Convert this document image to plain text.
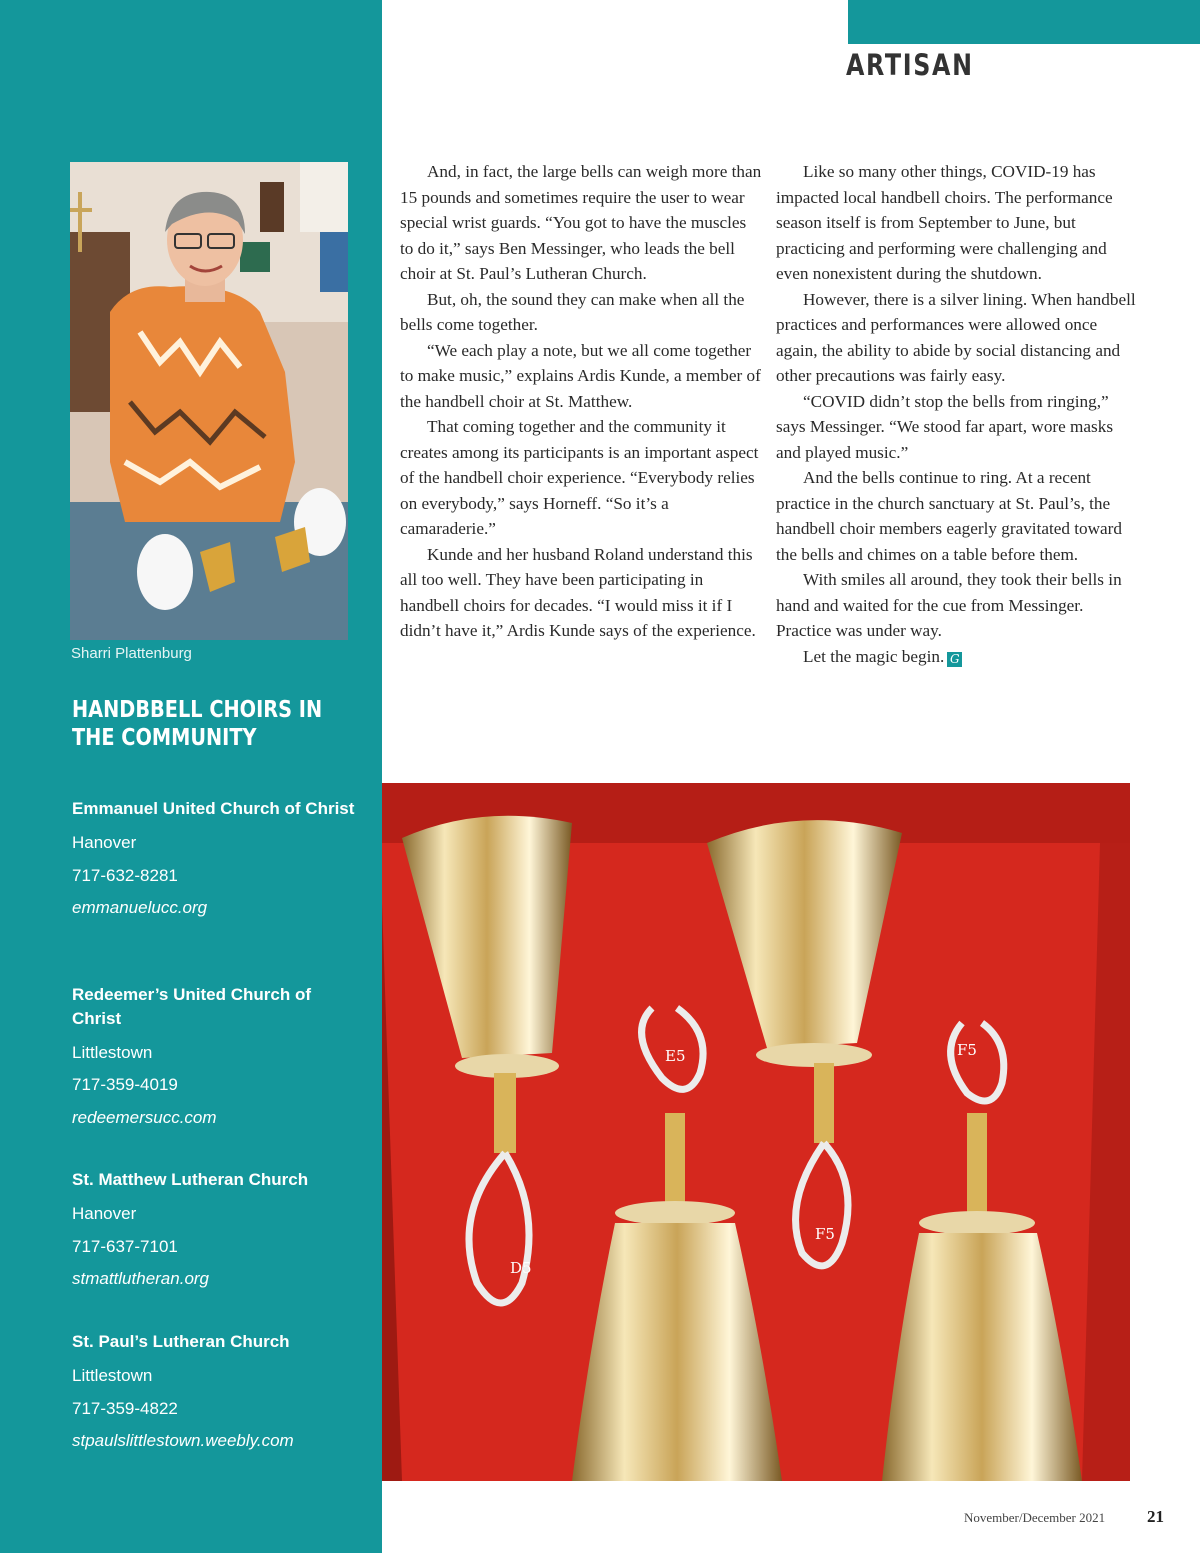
ARTISAN
Sharri Plattenburg
HANDBBELL CHOIRS IN THE COMMUNITY
Emmanuel United Church of Christ
Hanover
717-632-8281
emmanuelucc.org
Redeemer’s United Church of Christ
Littlestown
717-359-4019
redeemersucc.com
St. Matthew Lutheran Church
Hanover
717-637-7101
stmattlutheran.org
St. Paul’s Lutheran Church
Littlestown
717-359-4822
stpaulslittlestown.weebly.com

And, in fact, the large bells can weigh more than 15 pounds and sometimes require the user to wear special wrist guards. “You got to have the muscles to do it,” says Ben Messinger, who leads the bell choir at St. Paul’s Lutheran Church.

But, oh, the sound they can make when all the bells come together.

“We each play a note, but we all come together to make music,” explains Ardis Kunde, a member of the handbell choir at St. Matthew.

That coming together and the community it creates among its participants is an important aspect of the handbell choir experience. “Everybody relies on everybody,” says Horneff. “So it’s a camaraderie.”

Kunde and her husband Roland understand this all too well. They have been participating in handbell choirs for decades. “I would miss it if I didn’t have it,” Ardis Kunde says of the experience.

Like so many other things, COVID-19 has impacted local handbell choirs. The performance season itself is from September to June, but practicing and performing were challenging and even nonexistent during the shutdown.

However, there is a silver lining. When handbell practices and performances were allowed once again, the ability to abide by social distancing and other precautions was fairly easy.

“COVID didn’t stop the bells from ringing,” says Messinger. “We stood far apart, wore masks and played music.”

And the bells continue to ring. At a recent practice in the church sanctuary at St. Paul’s, the handbell choir members eagerly gravitated toward the bells and chimes on a table before them.

With smiles all around, they took their bells in hand and waited for the cue from Messinger. Practice was under way.

Let the magic begin. G

D5
F5
E5	F5
November/December 2021 21
